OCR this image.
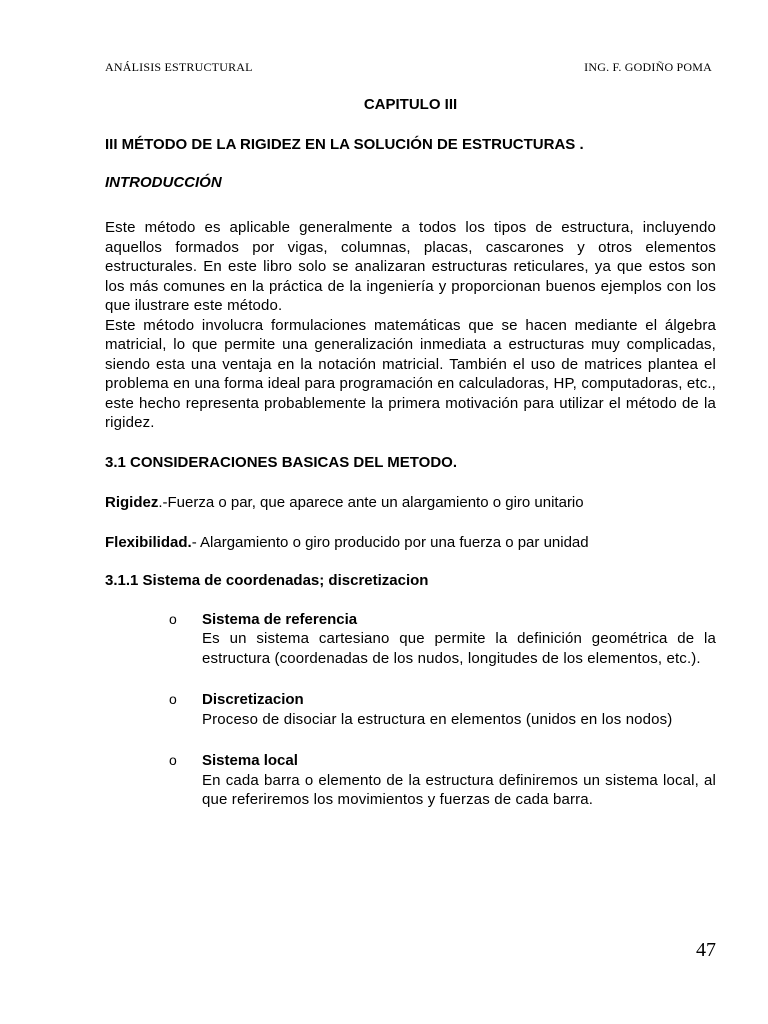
ANÁLISIS ESTRUCTURAL	ING. F. GODIÑO POMA
CAPITULO III
III MÉTODO DE LA RIGIDEZ EN LA SOLUCIÓN DE ESTRUCTURAS .
INTRODUCCIÓN

Este método es aplicable generalmente a todos los tipos de estructura, incluyendo aquellos formados por vigas, columnas, placas, cascarones y otros elementos estructurales. En este libro solo se analizaran estructuras reticulares, ya que estos son los más comunes en la práctica de la ingeniería y proporcionan buenos ejemplos con los que ilustrare este método.

Este método involucra formulaciones matemáticas que se hacen mediante el álgebra matricial, lo que permite una generalización inmediata a estructuras muy complicadas, siendo esta una ventaja en la notación matricial. También el uso de matrices plantea el problema en una forma ideal para programación en calculadoras, HP, computadoras, etc., este hecho representa probablemente la primera motivación para utilizar el método de la rigidez.

3.1 CONSIDERACIONES BASICAS DEL METODO.
Rigidez.-Fuerza o par, que aparece ante un alargamiento o giro unitario
Flexibilidad.- Alargamiento o giro producido por una fuerza o par unidad
3.1.1 Sistema de coordenadas; discretizacion
o Sistema de referencia
Es un sistema cartesiano que permite la definición geométrica de la estructura (coordenadas de los nudos, longitudes de los elementos, etc.).
o Discretizacion
Proceso de disociar la estructura en elementos (unidos en los nodos)
o Sistema local
En cada barra o elemento de la estructura definiremos un sistema local, al que referiremos los movimientos y fuerzas de cada barra.
47
